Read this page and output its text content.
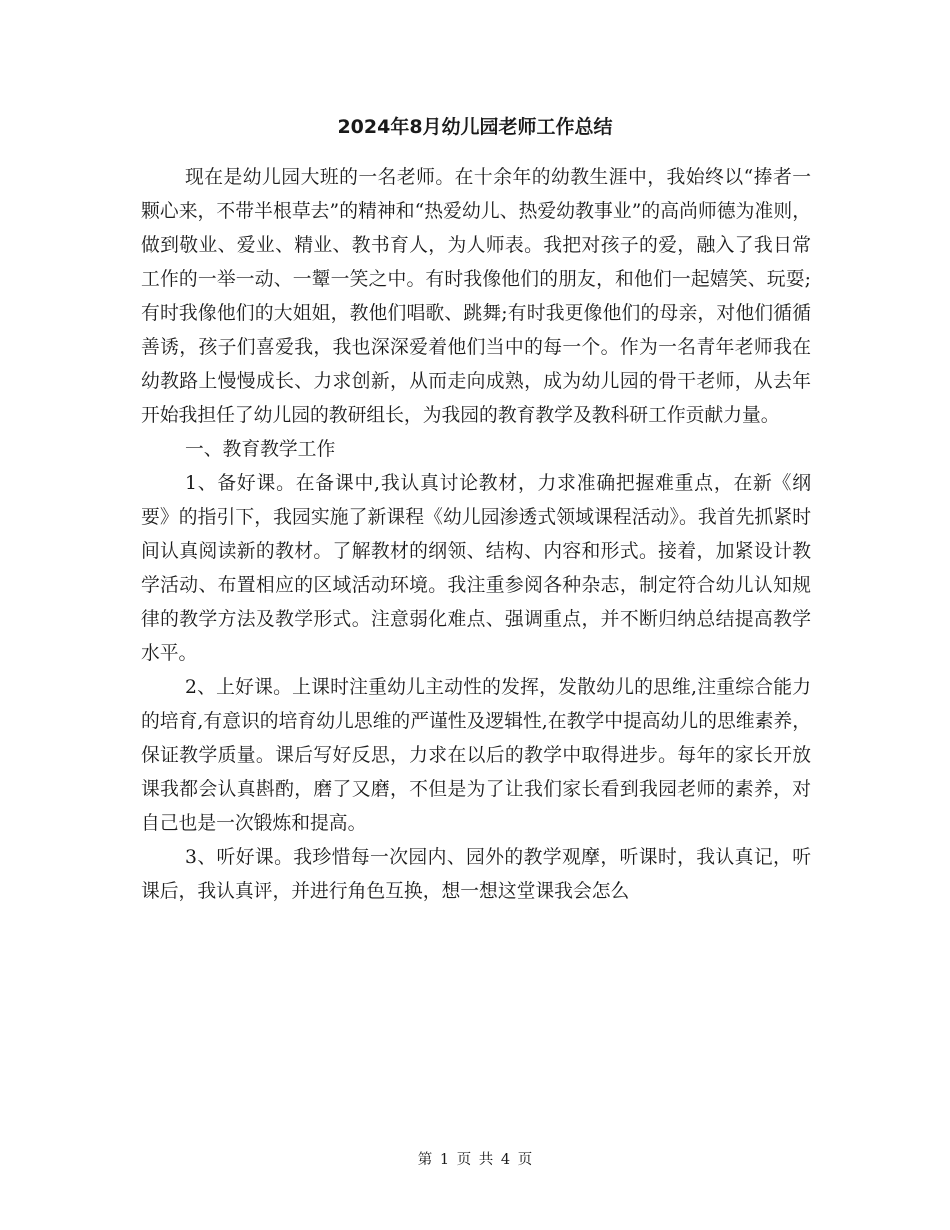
2024年8月幼儿园老师工作总结

现在是幼儿园大班的一名老师。在十余年的幼教生涯中，我始终以“捧者一颗心来，不带半根草去”的精神和“热爱幼儿、热爱幼教事业”的高尚师德为准则，做到敬业、爱业、精业、教书育人，为人师表。我把对孩子的爱，融入了我日常工作的一举一动、一颦一笑之中。有时我像他们的朋友，和他们一起嬉笑、玩耍;有时我像他们的大姐姐，教他们唱歌、跳舞;有时我更像他们的母亲，对他们循循善诱，孩子们喜爱我，我也深深爱着他们当中的每一个。作为一名青年老师我在幼教路上慢慢成长、力求创新，从而走向成熟，成为幼儿园的骨干老师，从去年开始我担任了幼儿园的教研组长，为我园的教育教学及教科研工作贡献力量。

一、教育教学工作

1、备好课。在备课中,我认真讨论教材，力求准确把握难重点，在新《纲要》的指引下，我园实施了新课程《幼儿园渗透式领域课程活动》。我首先抓紧时间认真阅读新的教材。了解教材的纲领、结构、内容和形式。接着，加紧设计教学活动、布置相应的区域活动环境。我注重参阅各种杂志，制定符合幼儿认知规律的教学方法及教学形式。注意弱化难点、强调重点，并不断归纳总结提高教学水平。

2、上好课。上课时注重幼儿主动性的发挥，发散幼儿的思维,注重综合能力的培育,有意识的培育幼儿思维的严谨性及逻辑性,在教学中提高幼儿的思维素养，保证教学质量。课后写好反思，力求在以后的教学中取得进步。每年的家长开放课我都会认真斟酌，磨了又磨，不但是为了让我们家长看到我园老师的素养，对自己也是一次锻炼和提高。

3、听好课。我珍惜每一次园内、园外的教学观摩，听课时，我认真记，听课后，我认真评，并进行角色互换，想一想这堂课我会怎么

第 1 页 共 4 页
